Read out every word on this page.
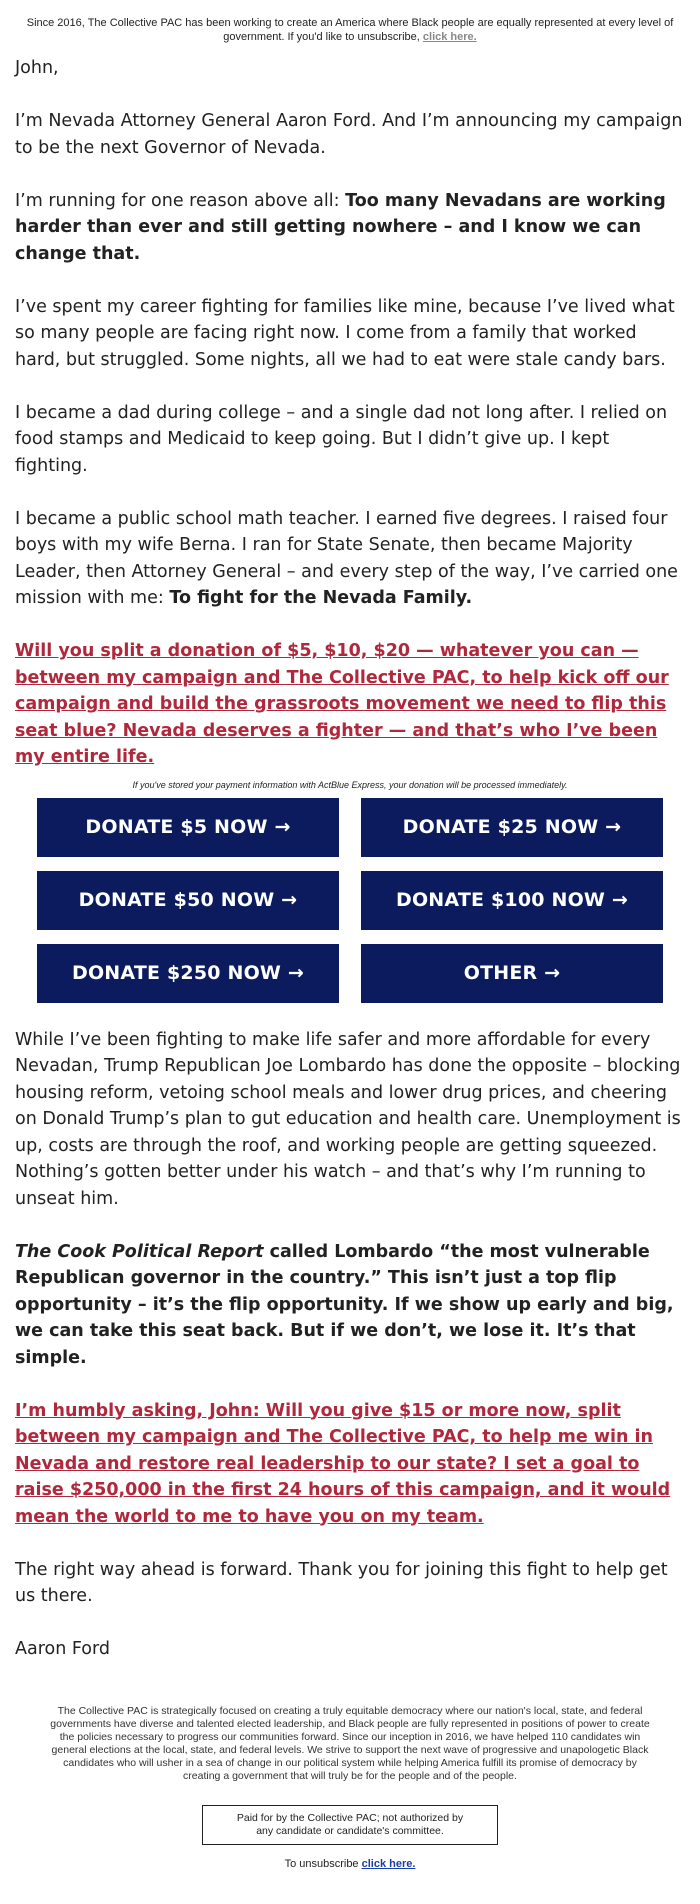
Since 2016, The Collective PAC has been working to create an America where Black people are equally represented at every level of government. If you'd like to unsubscribe, click here.

John,

I’m Nevada Attorney General Aaron Ford. And I’m announcing my campaign to be the next Governor of Nevada.

I’m running for one reason above all: Too many Nevadans are working harder than ever and still getting nowhere – and I know we can change that.

I’ve spent my career fighting for families like mine, because I’ve lived what so many people are facing right now. I come from a family that worked hard, but struggled. Some nights, all we had to eat were stale candy bars.

I became a dad during college – and a single dad not long after. I relied on food stamps and Medicaid to keep going. But I didn’t give up. I kept fighting.

I became a public school math teacher. I earned five degrees. I raised four boys with my wife Berna. I ran for State Senate, then became Majority Leader, then Attorney General – and every step of the way, I’ve carried one mission with me: To fight for the Nevada Family.

Will you split a donation of $5, $10, $20 — whatever you can — between my campaign and The Collective PAC, to help kick off our campaign and build the grassroots movement we need to flip this seat blue? Nevada deserves a fighter — and that’s who I’ve been my entire life.

If you've stored your payment information with ActBlue Express, your donation will be processed immediately.
DONATE $5 NOW →	DONATE $25 NOW →
DONATE $50 NOW →	DONATE $100 NOW →
DONATE $250 NOW →	OTHER →

While I’ve been fighting to make life safer and more affordable for every Nevadan, Trump Republican Joe Lombardo has done the opposite – blocking housing reform, vetoing school meals and lower drug prices, and cheering on Donald Trump’s plan to gut education and health care. Unemployment is up, costs are through the roof, and working people are getting squeezed. Nothing’s gotten better under his watch – and that’s why I’m running to unseat him.

The Cook Political Report called Lombardo “the most vulnerable Republican governor in the country.” This isn’t just a top flip opportunity – it’s the flip opportunity. If we show up early and big, we can take this seat back. But if we don’t, we lose it. It’s that simple.

I’m humbly asking, John: Will you give $15 or more now, split between my campaign and The Collective PAC, to help me win in Nevada and restore real leadership to our state? I set a goal to raise $250,000 in the first 24 hours of this campaign, and it would mean the world to me to have you on my team.

The right way ahead is forward. Thank you for joining this fight to help get us there.

Aaron Ford

The Collective PAC is strategically focused on creating a truly equitable democracy where our nation's local, state, and federal governments have diverse and talented elected leadership, and Black people are fully represented in positions of power to create the policies necessary to progress our communities forward. Since our inception in 2016, we have helped 110 candidates win general elections at the local, state, and federal levels. We strive to support the next wave of progressive and unapologetic Black candidates who will usher in a sea of change in our political system while helping America fulfill its promise of democracy by creating a government that will truly be for the people and of the people.
Paid for by the Collective PAC; not authorized by any candidate or candidate's committee.
To unsubscribe click here.
